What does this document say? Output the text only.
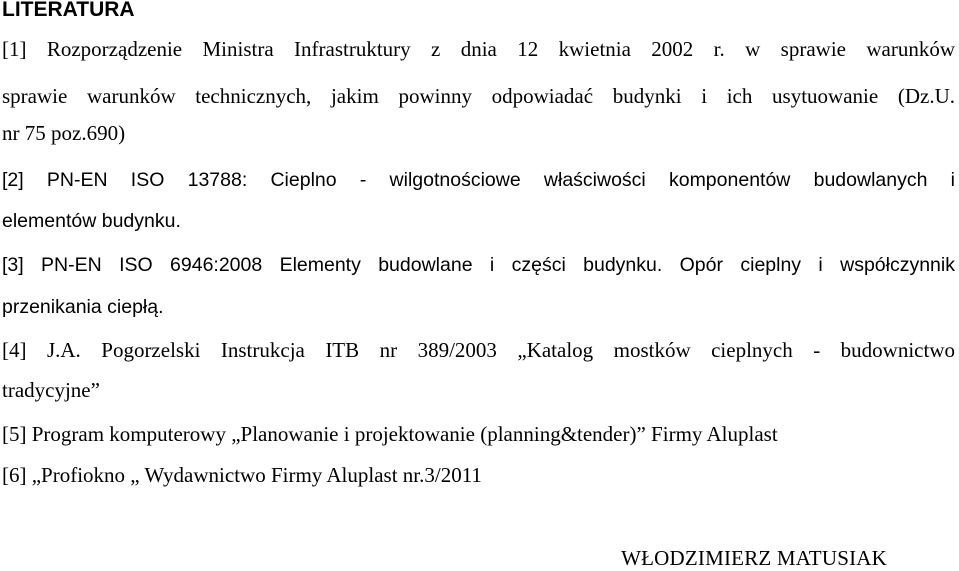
LITERATURA
[1] Rozporządzenie Ministra Infrastruktury z dnia 12 kwietnia 2002 r. w sprawie warunków
sprawie warunków technicznych, jakim powinny odpowiadać budynki i ich usytuowanie (Dz.U.
nr 75 poz.690)
[2] PN-EN ISO 13788: Cieplno - wilgotnościowe właściwości komponentów budowlanych i
elementów budynku.
[3] PN-EN ISO 6946:2008 Elementy budowlane i części budynku. Opór cieplny i współczynnik
przenikania ciepłą.
[4] J.A. Pogorzelski Instrukcja ITB nr 389/2003 „Katalog mostków cieplnych - budownictwo
tradycyjne”
[5] Program komputerowy „Planowanie i projektowanie (planning&tender)” Firmy Aluplast
[6] „Profiokno „ Wydawnictwo Firmy Aluplast nr.3/2011
WŁODZIMIERZ MATUSIAK
